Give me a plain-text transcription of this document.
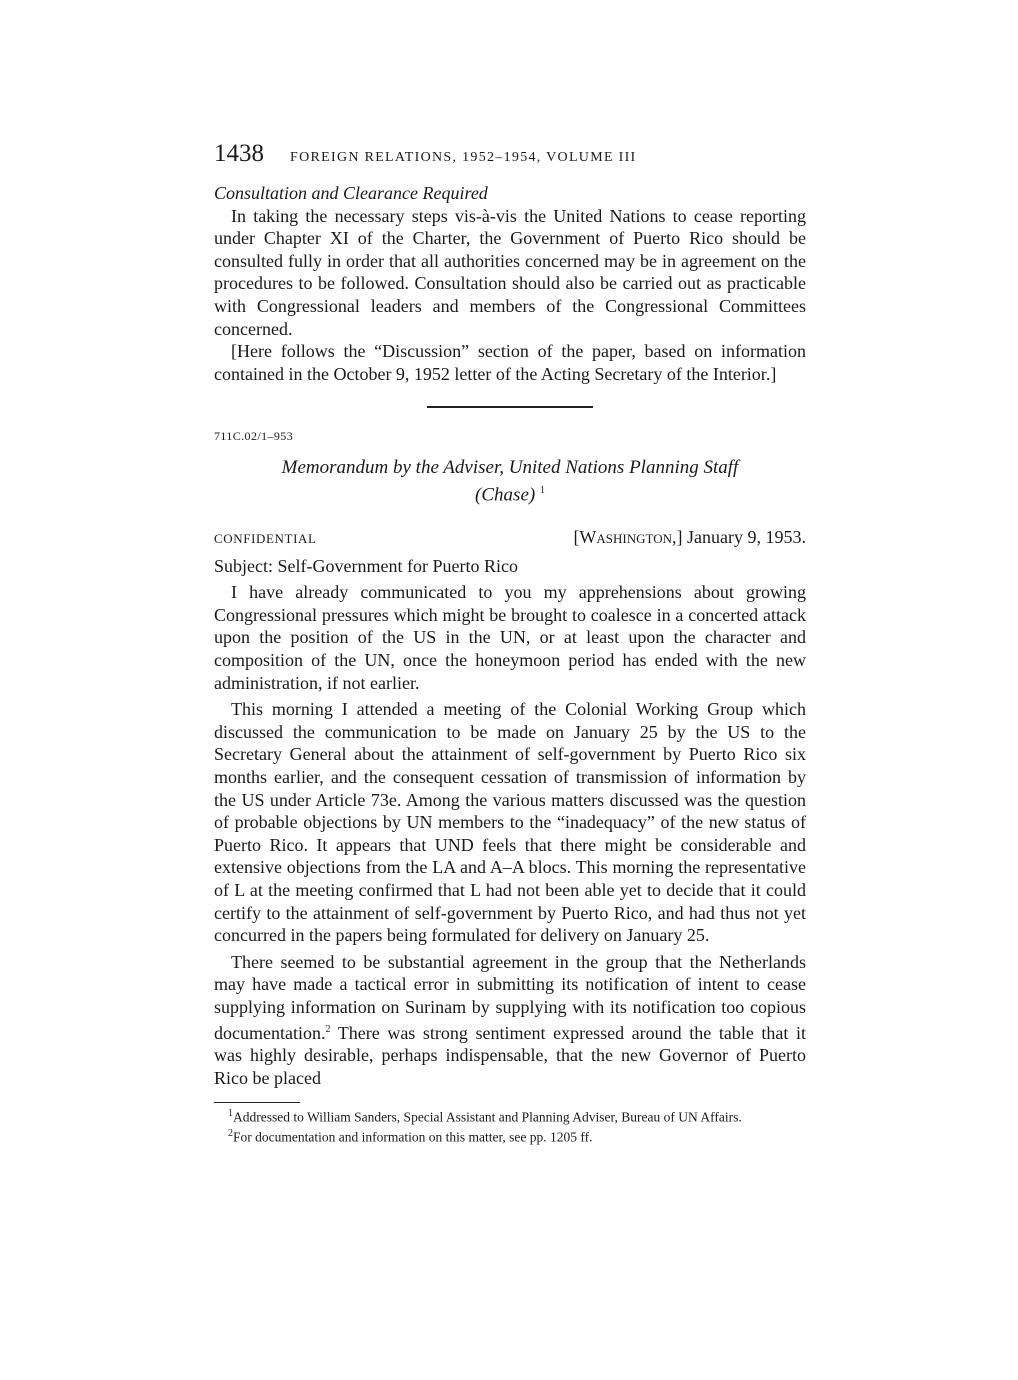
1438 FOREIGN RELATIONS, 1952–1954, VOLUME III

Consultation and Clearance Required

In taking the necessary steps vis-à-vis the United Nations to cease reporting under Chapter XI of the Charter, the Government of Puerto Rico should be consulted fully in order that all authorities concerned may be in agreement on the procedures to be followed. Consultation should also be carried out as practicable with Congressional leaders and members of the Congressional Committees concerned.

[Here follows the “Discussion” section of the paper, based on information contained in the October 9, 1952 letter of the Acting Secretary of the Interior.]

711C.02/1–953

Memorandum by the Adviser, United Nations Planning Staff
(Chase) $^1$

CONFIDENTIAL	[Washington,] January 9, 1953.

Subject: Self-Government for Puerto Rico

I have already communicated to you my apprehensions about growing Congressional pressures which might be brought to coalesce in a concerted attack upon the position of the US in the UN, or at least upon the character and composition of the UN, once the honeymoon period has ended with the new administration, if not earlier.

This morning I attended a meeting of the Colonial Working Group which discussed the communication to be made on January 25 by the US to the Secretary General about the attainment of self-government by Puerto Rico six months earlier, and the consequent cessation of transmission of information by the US under Article 73e. Among the various matters discussed was the question of probable objections by UN members to the “inadequacy” of the new status of Puerto Rico. It appears that UND feels that there might be considerable and extensive objections from the LA and A–A blocs. This morning the representative of L at the meeting confirmed that L had not been able yet to decide that it could certify to the attainment of self-government by Puerto Rico, and had thus not yet concurred in the papers being formulated for delivery on January 25.

There seemed to be substantial agreement in the group that the Netherlands may have made a tactical error in submitting its notification of intent to cease supplying information on Surinam by supplying with its notification too copious documentation.$^2$ There was strong sentiment expressed around the table that it was highly desirable, perhaps indispensable, that the new Governor of Puerto Rico be placed

$^1$Addressed to William Sanders, Special Assistant and Planning Adviser, Bureau of UN Affairs.

$^2$For documentation and information on this matter, see pp. 1205 ff.
